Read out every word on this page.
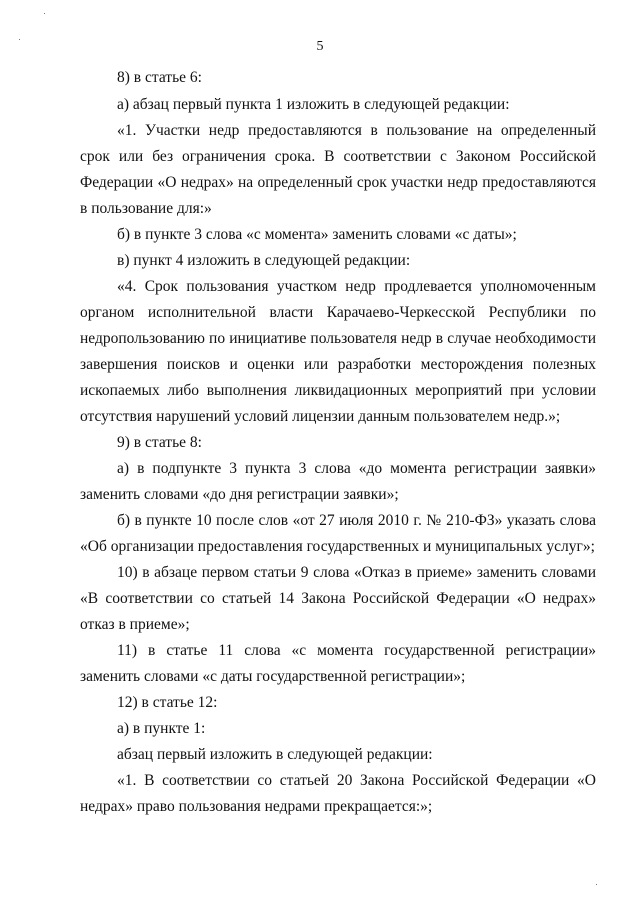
5

8) в статье 6:

а) абзац первый пункта 1 изложить в следующей редакции:

«1. Участки недр предоставляются в пользование на определенный срок или без ограничения срока. В соответствии с Законом Российской Федерации «О недрах» на определенный срок участки недр предоставляются в пользование для:»

б) в пункте 3 слова «с момента» заменить словами «с даты»;

в) пункт 4 изложить в следующей редакции:

«4. Срок пользования участком недр продлевается уполномоченным органом исполнительной власти Карачаево-Черкесской Республики по недропользованию по инициативе пользователя недр в случае необходимости завершения поисков и оценки или разработки месторождения полезных ископаемых либо выполнения ликвидационных мероприятий при условии отсутствия нарушений условий лицензии данным пользователем недр.»;

9) в статье 8:

а) в подпункте 3 пункта 3 слова «до момента регистрации заявки» заменить словами «до дня регистрации заявки»;

б) в пункте 10 после слов «от 27 июля 2010 г. № 210-ФЗ» указать слова «Об организации предоставления государственных и муниципальных услуг»;

10) в абзаце первом статьи 9 слова «Отказ в приеме» заменить словами «В соответствии со статьей 14 Закона Российской Федерации «О недрах» отказ в приеме»;

11) в статье 11 слова «с момента государственной регистрации» заменить словами «с даты государственной регистрации»;

12) в статье 12:

а) в пункте 1:

абзац первый изложить в следующей редакции:

«1. В соответствии со статьей 20 Закона Российской Федерации «О недрах» право пользования недрами прекращается:»;
